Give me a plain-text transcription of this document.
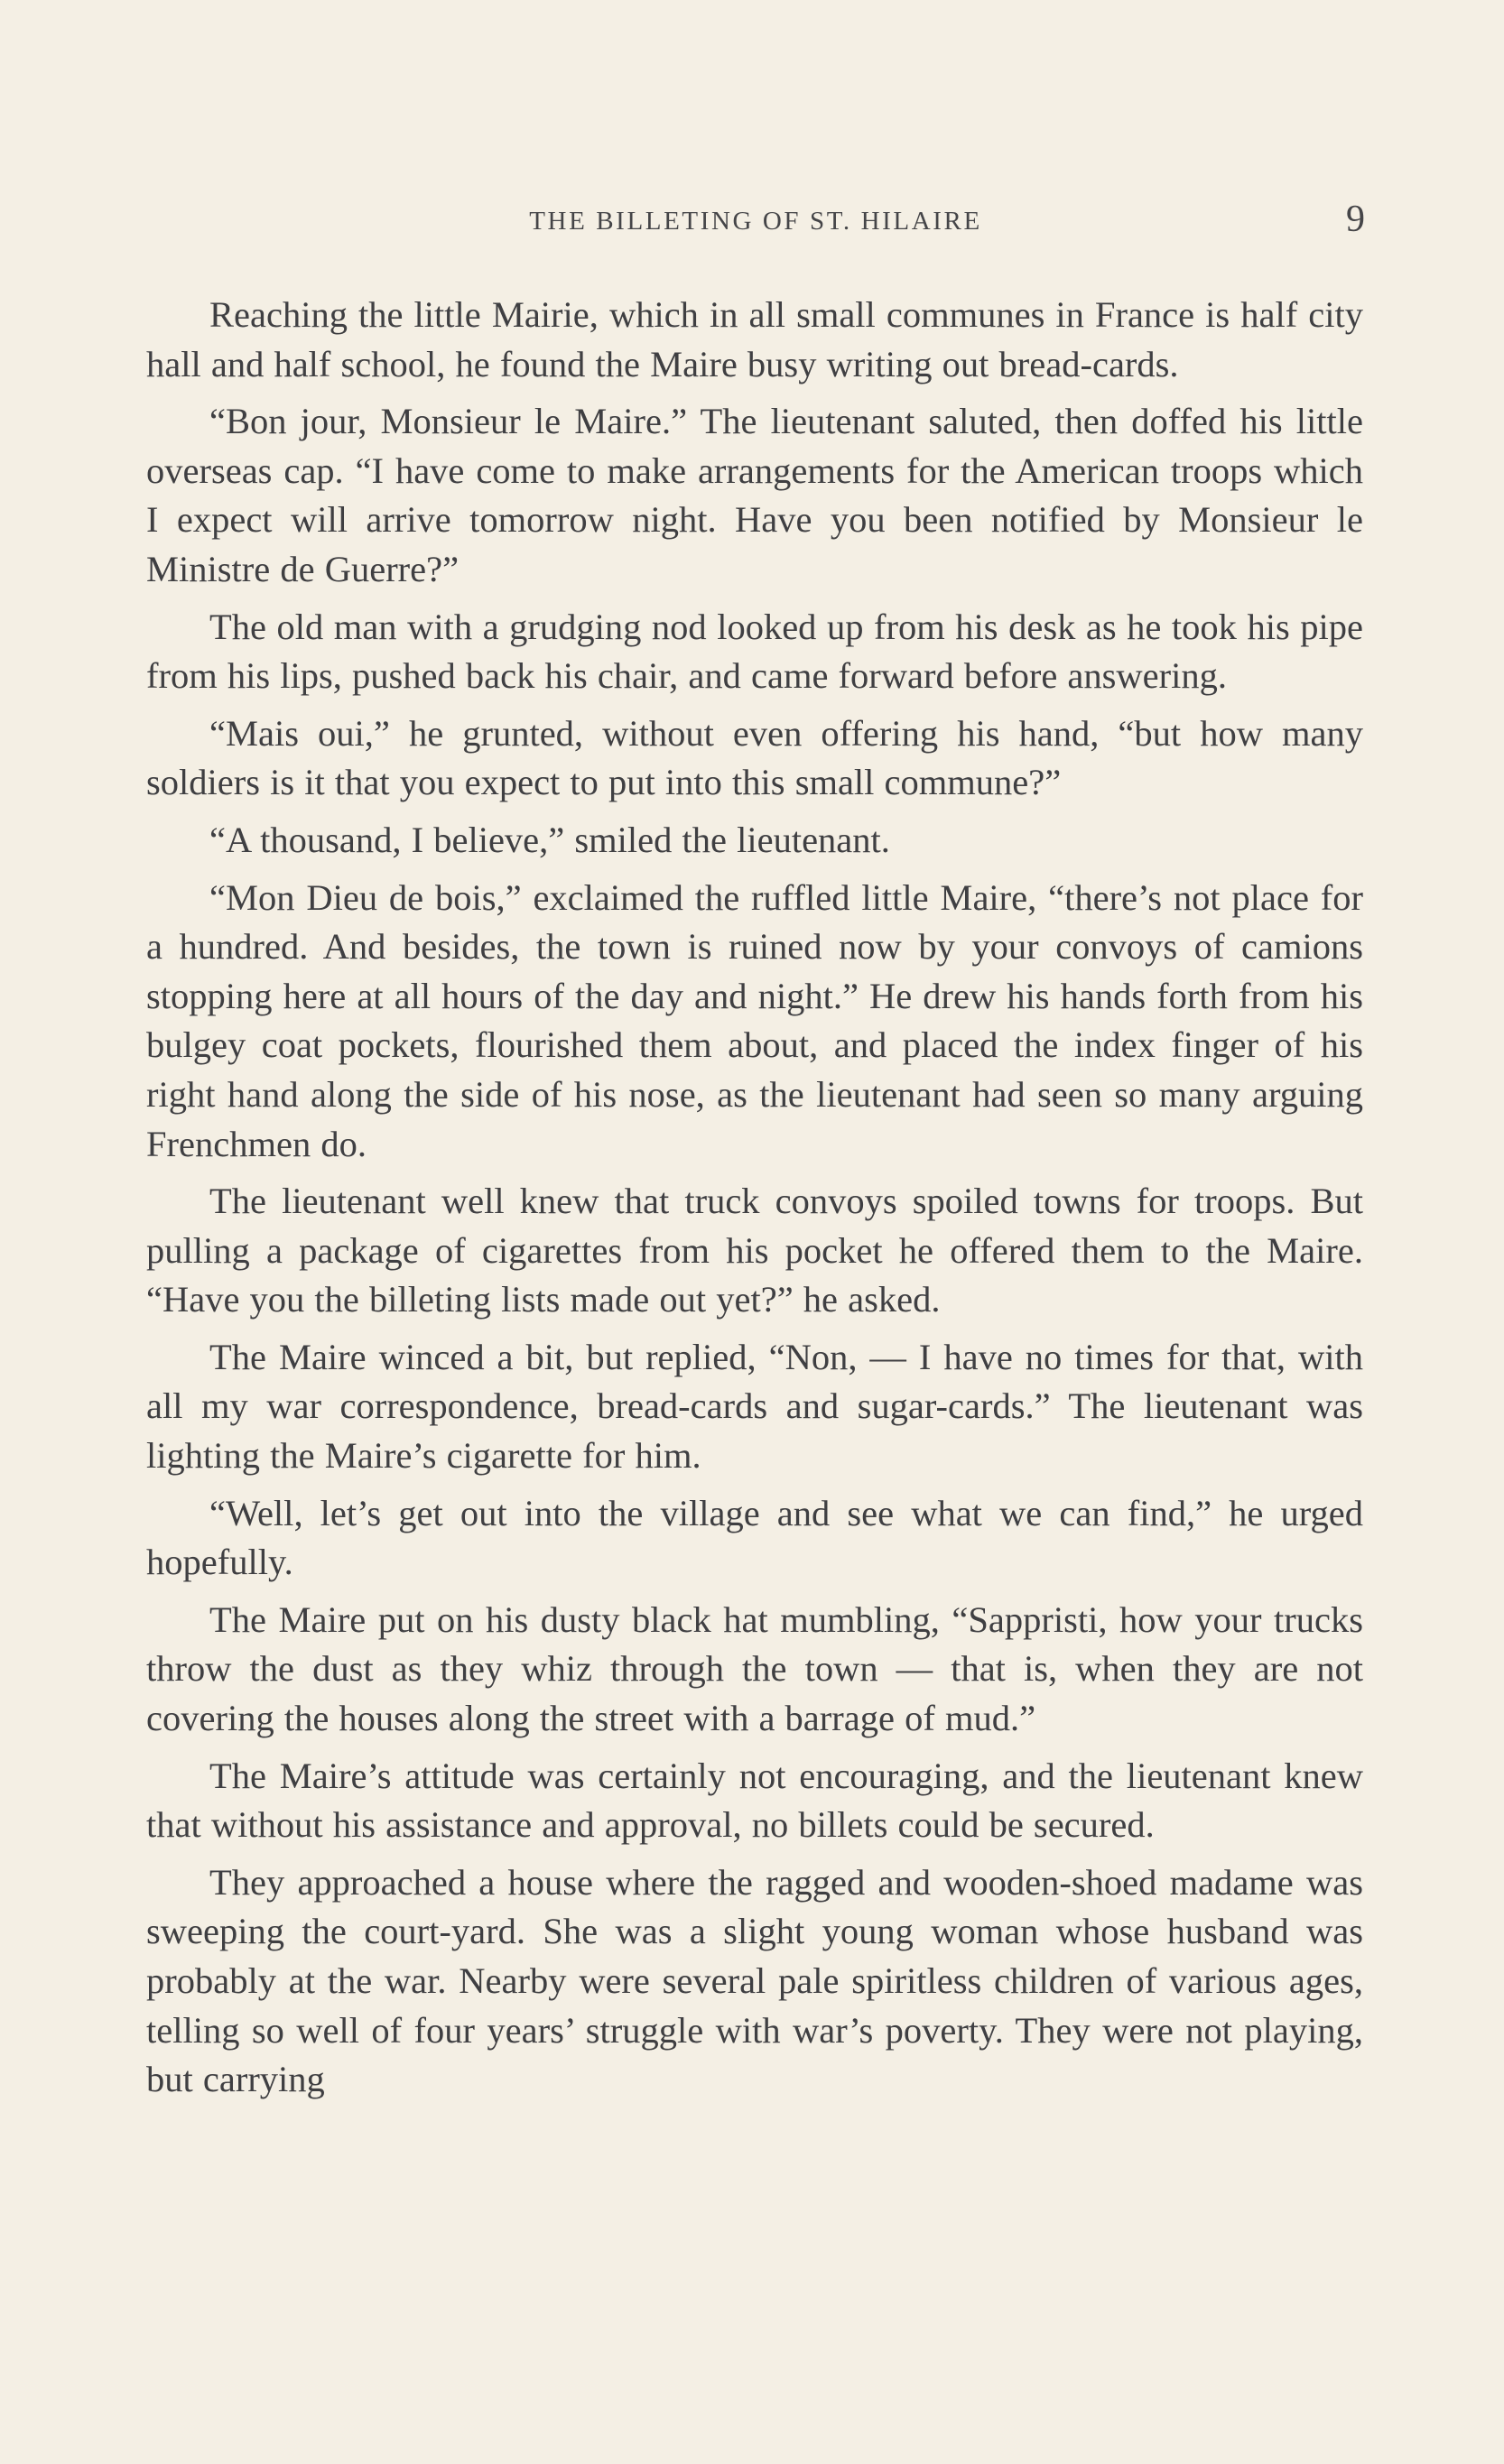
THE BILLETING OF ST. HILAIRE	9

Reaching the little Mairie, which in all small communes in France is half city hall and half school, he found the Maire busy writing out bread-cards.

“Bon jour, Monsieur le Maire.” The lieutenant saluted, then doffed his little overseas cap. “I have come to make arrangements for the American troops which I expect will arrive tomorrow night. Have you been notified by Monsieur le Ministre de Guerre?”

The old man with a grudging nod looked up from his desk as he took his pipe from his lips, pushed back his chair, and came forward before answering.

“Mais oui,” he grunted, without even offering his hand, “but how many soldiers is it that you expect to put into this small commune?”

“A thousand, I believe,” smiled the lieutenant.

“Mon Dieu de bois,” exclaimed the ruffled little Maire, “there’s not place for a hundred. And besides, the town is ruined now by your convoys of camions stopping here at all hours of the day and night.” He drew his hands forth from his bulgey coat pockets, flourished them about, and placed the index finger of his right hand along the side of his nose, as the lieutenant had seen so many arguing Frenchmen do.

The lieutenant well knew that truck convoys spoiled towns for troops. But pulling a package of cigarettes from his pocket he offered them to the Maire. “Have you the billeting lists made out yet?” he asked.

The Maire winced a bit, but replied, “Non, — I have no times for that, with all my war correspondence, bread-cards and sugar-cards.” The lieutenant was lighting the Maire’s cigarette for him.

“Well, let’s get out into the village and see what we can find,” he urged hopefully.

The Maire put on his dusty black hat mumbling, “Sappristi, how your trucks throw the dust as they whiz through the town — that is, when they are not covering the houses along the street with a barrage of mud.”

The Maire’s attitude was certainly not encouraging, and the lieutenant knew that without his assistance and approval, no billets could be secured.

They approached a house where the ragged and wooden-shoed madame was sweeping the court-yard. She was a slight young woman whose husband was probably at the war. Nearby were several pale spiritless children of various ages, telling so well of four years’ struggle with war’s poverty. They were not playing, but carrying
